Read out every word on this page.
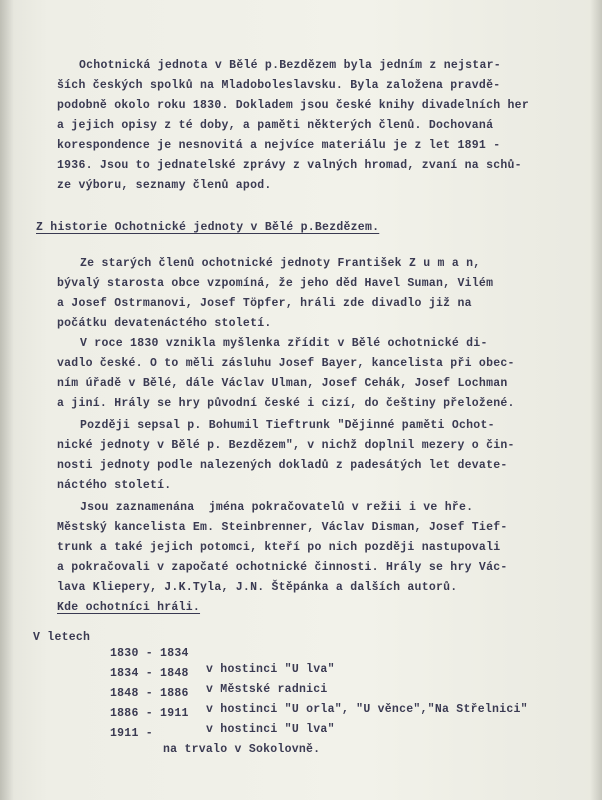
Ochotnická jednota v Bělé p.Bezdězem byla jedním z nejstar-
ších českých spolků na Mladoboleslavsku. Byla založena pravdě-
podobně okolo roku 1830. Dokladem jsou české knihy divadelních her
a jejich opisy z té doby, a paměti některých členů. Dochovaná
korespondence je nesnovitá a nejvíce materiálu je z let 1891 -
1936. Jsou to jednatelské zprávy z valných hromad, zvaní na schů-
ze výboru, seznamy členů apod.
Z historie Ochotnické jednoty v Bělé p.Bezdězem.
Ze starých členů ochotnické jednoty František Z u m a n,
bývalý starosta obce vzpomíná, že jeho děd Havel Suman, Vilém
a Josef Ostrmanovi, Josef Töpfer, hráli zde divadlo již na
počátku devatenáctého století.
V roce 1830 vznikla myšlenka zřídit v Bělé ochotnické di-
vadlo české. O to měli zásluhu Josef Bayer, kancelista při obec-
ním úřadě v Bělé, dále Václav Ulman, Josef Cehák, Josef Lochman
a jiní. Hrály se hry původní české i cizí, do češtiny přeložené.
Později sepsal p. Bohumil Tieftrunk "Dějinné paměti Ochot-
nické jednoty v Bělé p. Bezdězem", v nichž doplnil mezery o čin-
nosti jednoty podle nalezených dokladů z padesátých let devate-
náctého století.
Jsou zaznamenána  jména pokračovatelů v režii i ve hře.
Městský kancelista Em. Steinbrenner, Václav Disman, Josef Tief-
trunk a také jejich potomci, kteří po nich později nastupovali
a pokračovali v započaté ochotnické činnosti. Hrály se hry Vác-
lava Kliepery, J.K.Tyla, J.N. Štěpánka a dalších autorů.
Kde ochotníci hráli.
V letech

1830 - 1834

v hostinci "U lva"

1834 - 1848

v Městské radnici

1848 - 1886

v hostinci "U orla", "U věnce","Na Střelnici"

1886 - 1911

v hostinci "U lva"

1911 -

na trvalo v Sokolovně.
